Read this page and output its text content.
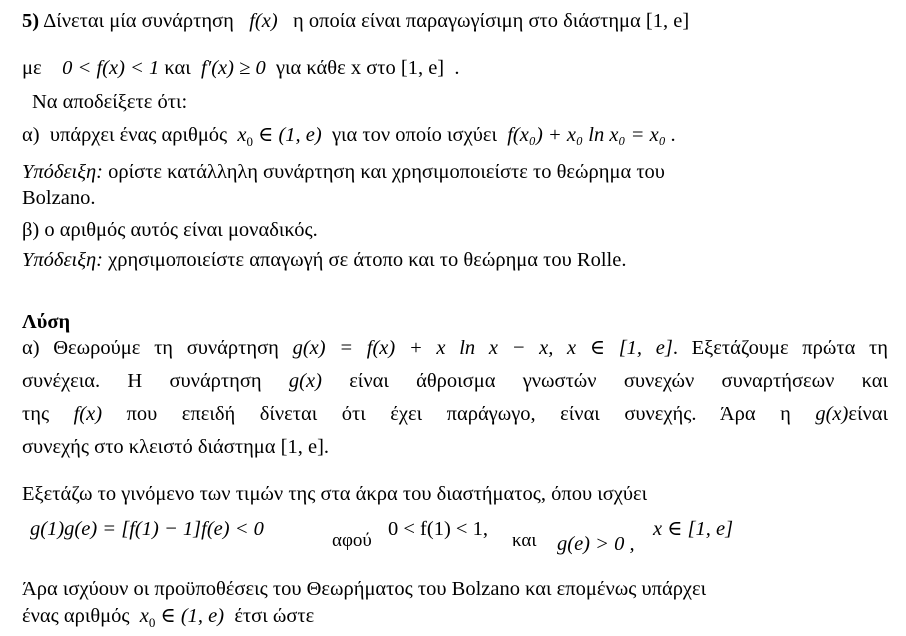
5) Δίνεται μία συνάρτηση f(x) η οποία είναι παραγωγίσιμη στο διάστημα [1, e]
με 0 < f(x) < 1 και f′(x) ≥ 0 για κάθε x στο [1, e] .
Να αποδείξετε ότι:
α) υπάρχει ένας αριθμός $x_0$ ∈ (1, e) για τον οποίο ισχύει f(x₀) + x₀ ln x₀ = x₀ .
Υπόδειξη: ορίστε κατάλληλη συνάρτηση και χρησιμοποιείστε το θεώρημα του
Bolzano.
β) ο αριθμός αυτός είναι μοναδικός.
Υπόδειξη: χρησιμοποιείστε απαγωγή σε άτοπο και το θεώρημα του Rolle.
Λύση
α) Θεωρούμε τη συνάρτηση g(x) = f(x) + x ln x − x, x ∈ [1, e]. Εξετάζουμε πρώτα τη
συνέχεια. Η συνάρτηση g(x) είναι άθροισμα γνωστών συνεχών συναρτήσεων και
της f(x) που επειδή δίνεται ότι έχει παράγωγο, είναι συνεχής. Άρα η g(x)είναι
συνεχής στο κλειστό διάστημα [1, e].
Εξετάζω το γινόμενο των τιμών της στα άκρα του διαστήματος, όπου ισχύει
g(1)g(e) = [f(1) − 1]f(e) < 0
αφού
0 < f(1) < 1,
και g(e) > 0 ,
x ∈ [1, e]
Άρα ισχύουν οι προϋποθέσεις του Θεωρήματος του Bolzano και επομένως υπάρχει
ένας αριθμός $x_0$ ∈ (1, e) έτσι ώστε
